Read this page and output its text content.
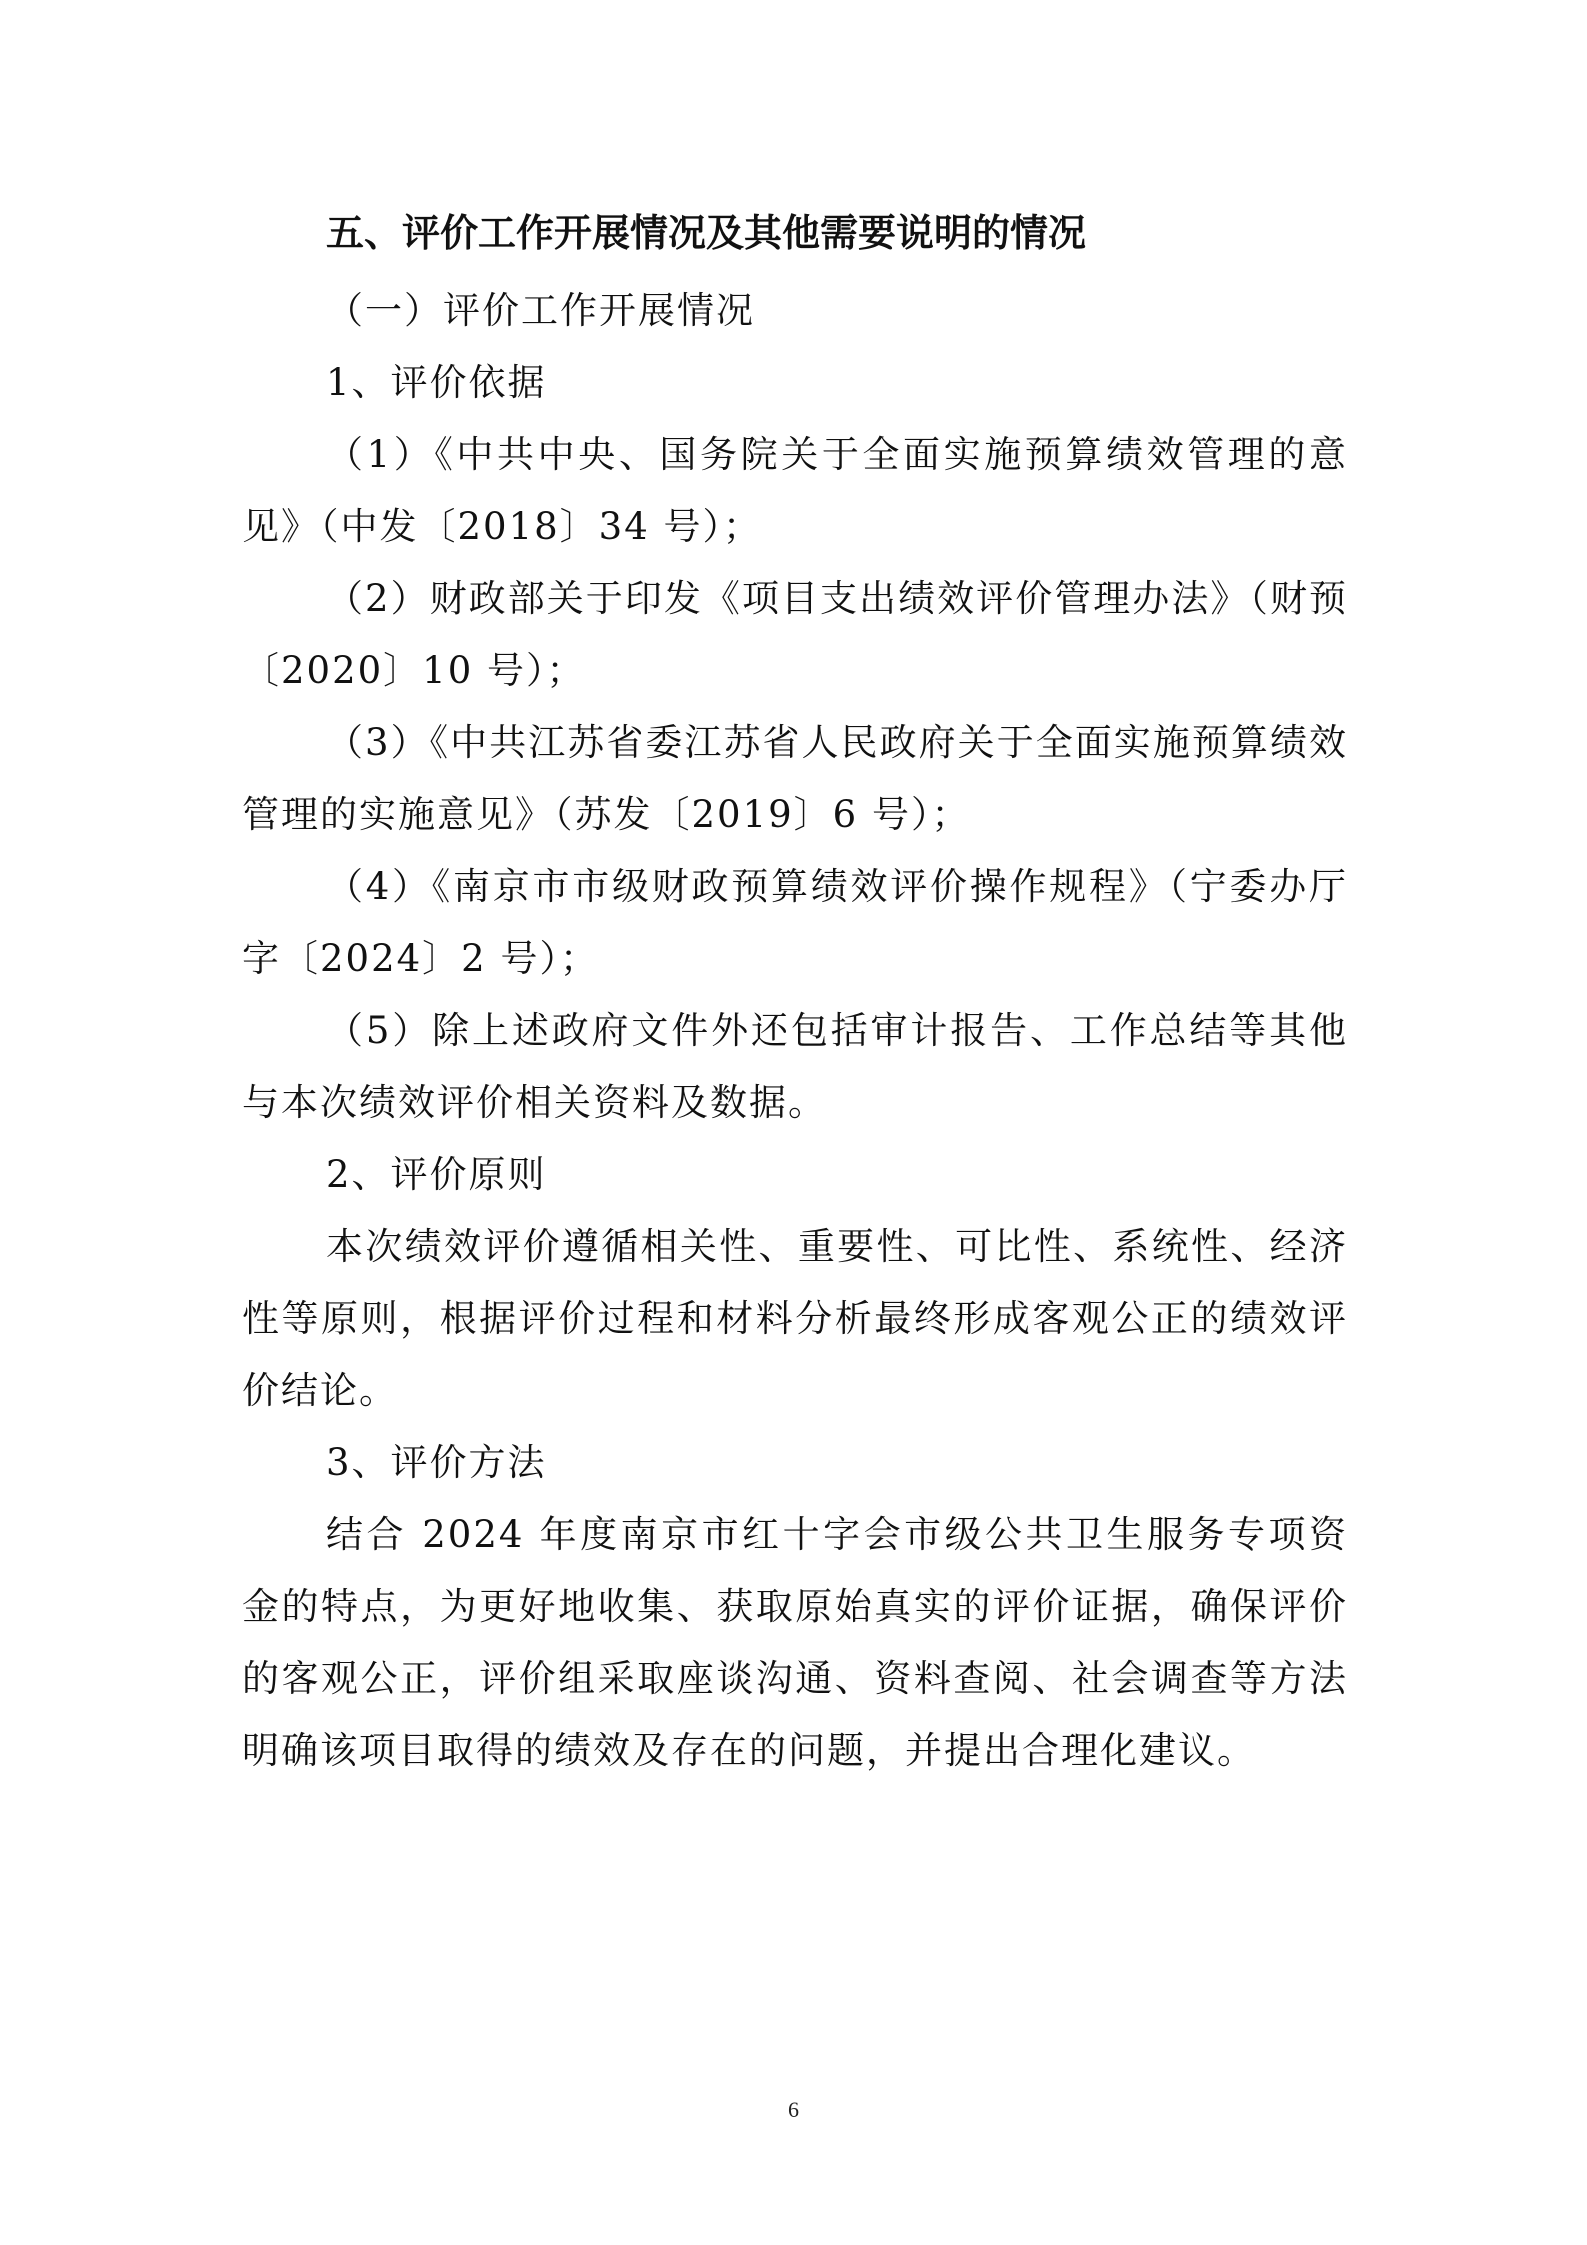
五、评价工作开展情况及其他需要说明的情况

（一）评价工作开展情况

1、评价依据

（1）《中共中央、国务院关于全面实施预算绩效管理的意见》（中发〔2018〕34 号）；

（2）财政部关于印发《项目支出绩效评价管理办法》（财预〔2020〕10 号）；

（3）《中共江苏省委江苏省人民政府关于全面实施预算绩效管理的实施意见》（苏发〔2019〕6 号）；

（4）《南京市市级财政预算绩效评价操作规程》（宁委办厅字〔2024〕2 号）；

（5）除上述政府文件外还包括审计报告、工作总结等其他与本次绩效评价相关资料及数据。

2、评价原则

本次绩效评价遵循相关性、重要性、可比性、系统性、经济性等原则，根据评价过程和材料分析最终形成客观公正的绩效评价结论。

3、评价方法

结合 2024 年度南京市红十字会市级公共卫生服务专项资金的特点，为更好地收集、获取原始真实的评价证据，确保评价的客观公正，评价组采取座谈沟通、资料查阅、社会调查等方法明确该项目取得的绩效及存在的问题，并提出合理化建议。

6
